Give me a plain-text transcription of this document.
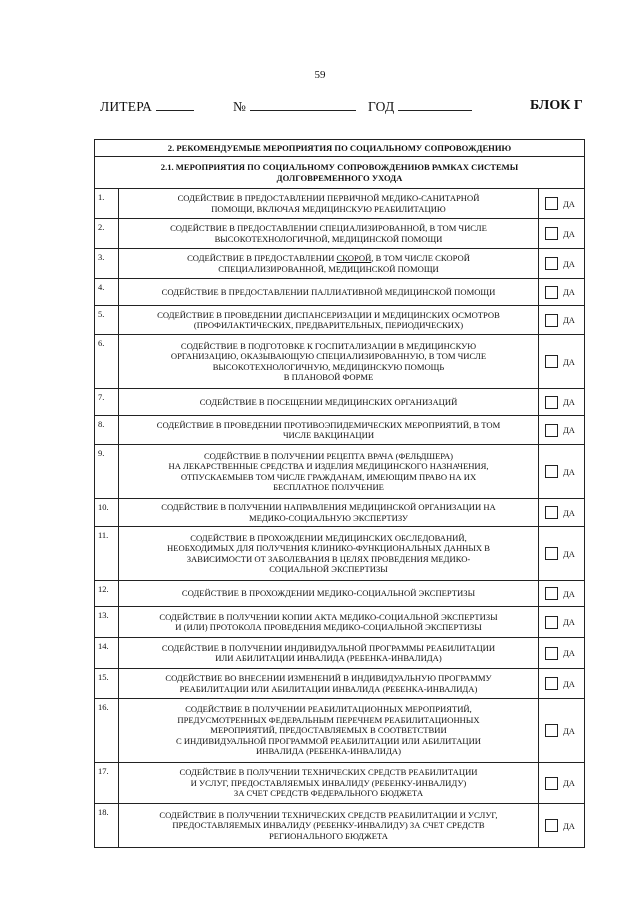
59
ЛИТЕРА	№	ГОД	БЛОК Г
2. РЕКОМЕНДУЕМЫЕ МЕРОПРИЯТИЯ ПО СОЦИАЛЬНОМУ СОПРОВОЖДЕНИЮ		

2.1. МЕРОПРИЯТИЯ ПО СОЦИАЛЬНОМУ СОПРОВОЖДЕНИЮВ РАМКАХ СИСТЕМЫ
ДОЛГОВРЕМЕННОГО УХОДА		

1.	СОДЕЙСТВИЕ В ПРЕДОСТАВЛЕНИИ ПЕРВИЧНОЙ МЕДИКО-САНИТАРНОЙ
ПОМОЩИ, ВКЛЮЧАЯ МЕДИЦИНСКУЮ РЕАБИЛИТАЦИЮ	ДА
2.	СОДЕЙСТВИЕ В ПРЕДОСТАВЛЕНИИ СПЕЦИАЛИЗИРОВАННОЙ, В ТОМ ЧИСЛЕ
ВЫСОКОТЕХНОЛОГИЧНОЙ, МЕДИЦИНСКОЙ ПОМОЩИ	ДА
3.	СОДЕЙСТВИЕ В ПРЕДОСТАВЛЕНИИ СКОРОЙ, В ТОМ ЧИСЛЕ СКОРОЙ
СПЕЦИАЛИЗИРОВАННОЙ, МЕДИЦИНСКОЙ ПОМОЩИ	ДА
4.	СОДЕЙСТВИЕ В ПРЕДОСТАВЛЕНИИ ПАЛЛИАТИВНОЙ МЕДИЦИНСКОЙ ПОМОЩИ	ДА
5.	СОДЕЙСТВИЕ В ПРОВЕДЕНИИ ДИСПАНСЕРИЗАЦИИ И МЕДИЦИНСКИХ ОСМОТРОВ
(ПРОФИЛАКТИЧЕСКИХ, ПРЕДВАРИТЕЛЬНЫХ, ПЕРИОДИЧЕСКИХ)	ДА
6.	СОДЕЙСТВИЕ В ПОДГОТОВКЕ К ГОСПИТАЛИЗАЦИИ В МЕДИЦИНСКУЮ
ОРГАНИЗАЦИЮ, ОКАЗЫВАЮЩУЮ СПЕЦИАЛИЗИРОВАННУЮ, В ТОМ ЧИСЛЕ
ВЫСОКОТЕХНОЛОГИЧНУЮ, МЕДИЦИНСКУЮ ПОМОЩЬ
В ПЛАНОВОЙ ФОРМЕ	ДА
7.	СОДЕЙСТВИЕ В ПОСЕЩЕНИИ МЕДИЦИНСКИХ ОРГАНИЗАЦИЙ	ДА
8.	СОДЕЙСТВИЕ В ПРОВЕДЕНИИ ПРОТИВОЭПИДЕМИЧЕСКИХ МЕРОПРИЯТИЙ, В ТОМ
ЧИСЛЕ ВАКЦИНАЦИИ	ДА
9.	СОДЕЙСТВИЕ В ПОЛУЧЕНИИ РЕЦЕПТА ВРАЧА (ФЕЛЬДШЕРА)
НА ЛЕКАРСТВЕННЫЕ СРЕДСТВА И ИЗДЕЛИЯ МЕДИЦИНСКОГО НАЗНАЧЕНИЯ,
ОТПУСКАЕМЫЕВ ТОМ ЧИСЛЕ ГРАЖДАНАМ, ИМЕЮЩИМ ПРАВО НА ИХ
БЕСПЛАТНОЕ ПОЛУЧЕНИЕ	ДА
10.	СОДЕЙСТВИЕ В ПОЛУЧЕНИИ НАПРАВЛЕНИЯ МЕДИЦИНСКОЙ ОРГАНИЗАЦИИ НА
МЕДИКО-СОЦИАЛЬНУЮ ЭКСПЕРТИЗУ	ДА
11.	СОДЕЙСТВИЕ В ПРОХОЖДЕНИИ МЕДИЦИНСКИХ ОБСЛЕДОВАНИЙ,
НЕОБХОДИМЫХ ДЛЯ ПОЛУЧЕНИЯ КЛИНИКО-ФУНКЦИОНАЛЬНЫХ ДАННЫХ В
ЗАВИСИМОСТИ ОТ ЗАБОЛЕВАНИЯ В ЦЕЛЯХ ПРОВЕДЕНИЯ МЕДИКО-
СОЦИАЛЬНОЙ ЭКСПЕРТИЗЫ	ДА
12.	СОДЕЙСТВИЕ В ПРОХОЖДЕНИИ МЕДИКО-СОЦИАЛЬНОЙ ЭКСПЕРТИЗЫ	ДА
13.	СОДЕЙСТВИЕ В ПОЛУЧЕНИИ КОПИИ АКТА МЕДИКО-СОЦИАЛЬНОЙ ЭКСПЕРТИЗЫ
И (ИЛИ) ПРОТОКОЛА ПРОВЕДЕНИЯ МЕДИКО-СОЦИАЛЬНОЙ ЭКСПЕРТИЗЫ	ДА
14.	СОДЕЙСТВИЕ В ПОЛУЧЕНИИ ИНДИВИДУАЛЬНОЙ ПРОГРАММЫ РЕАБИЛИТАЦИИ
ИЛИ АБИЛИТАЦИИ ИНВАЛИДА (РЕБЕНКА-ИНВАЛИДА)	ДА
15.	СОДЕЙСТВИЕ ВО ВНЕСЕНИИ ИЗМЕНЕНИЙ В ИНДИВИДУАЛЬНУЮ ПРОГРАММУ
РЕАБИЛИТАЦИИ ИЛИ АБИЛИТАЦИИ ИНВАЛИДА (РЕБЕНКА-ИНВАЛИДА)	ДА
16.	СОДЕЙСТВИЕ В ПОЛУЧЕНИИ РЕАБИЛИТАЦИОННЫХ МЕРОПРИЯТИЙ,
ПРЕДУСМОТРЕННЫХ ФЕДЕРАЛЬНЫМ ПЕРЕЧНЕМ РЕАБИЛИТАЦИОННЫХ
МЕРОПРИЯТИЙ, ПРЕДОСТАВЛЯЕМЫХ В СООТВЕТСТВИИ
С ИНДИВИДУАЛЬНОЙ ПРОГРАММОЙ РЕАБИЛИТАЦИИ ИЛИ АБИЛИТАЦИИ
ИНВАЛИДА (РЕБЕНКА-ИНВАЛИДА)	ДА
17.	СОДЕЙСТВИЕ В ПОЛУЧЕНИИ ТЕХНИЧЕСКИХ СРЕДСТВ РЕАБИЛИТАЦИИ
И УСЛУГ, ПРЕДОСТАВЛЯЕМЫХ ИНВАЛИДУ (РЕБЕНКУ-ИНВАЛИДУ)
ЗА СЧЕТ СРЕДСТВ ФЕДЕРАЛЬНОГО БЮДЖЕТА	ДА
18.	СОДЕЙСТВИЕ В ПОЛУЧЕНИИ ТЕХНИЧЕСКИХ СРЕДСТВ РЕАБИЛИТАЦИИ И УСЛУГ,
ПРЕДОСТАВЛЯЕМЫХ ИНВАЛИДУ (РЕБЕНКУ-ИНВАЛИДУ) ЗА СЧЕТ СРЕДСТВ
РЕГИОНАЛЬНОГО БЮДЖЕТА	ДА
